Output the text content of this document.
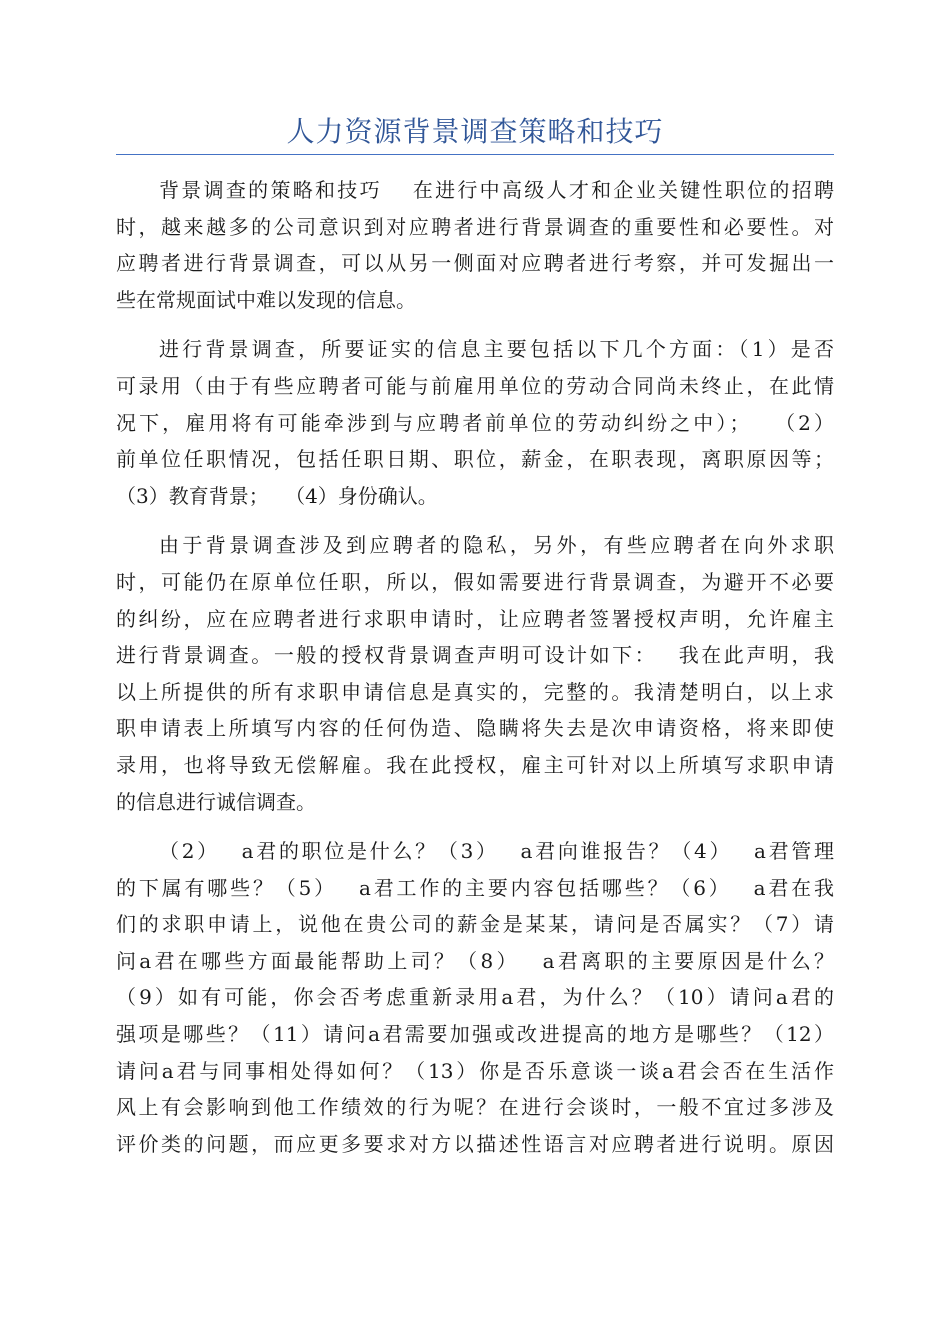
人力资源背景调查策略和技巧

背景调查的策略和技巧　 在进行中高级人才和企业关键性职位的招聘
时，越来越多的公司意识到对应聘者进行背景调查的重要性和必要性。对
应聘者进行背景调查，可以从另一侧面对应聘者进行考察，并可发掘出一
些在常规面试中难以发现的信息。

进行背景调查，所要证实的信息主要包括以下几个方面：（1）是否
可录用（由于有些应聘者可能与前雇用单位的劳动合同尚未终止，在此情
况下，雇用将有可能牵涉到与应聘者前单位的劳动纠纷之中）；　 （2）
前单位任职情况，包括任职日期、职位，薪金，在职表现，离职原因等；
（3）教育背景；　 （4）身份确认。

由于背景调查涉及到应聘者的隐私，另外，有些应聘者在向外求职
时，可能仍在原单位任职，所以，假如需要进行背景调查，为避开不必要
的纠纷，应在应聘者进行求职申请时，让应聘者签署授权声明，允许雇主
进行背景调查。一般的授权背景调查声明可设计如下：　 我在此声明，我
以上所提供的所有求职申请信息是真实的，完整的。我清楚明白，以上求
职申请表上所填写内容的任何伪造、隐瞒将失去是次申请资格，将来即使
录用，也将导致无偿解雇。我在此授权，雇主可针对以上所填写求职申请
的信息进行诚信调查。

（2）　 a君的职位是什么？（3）　 a君向谁报告？（4）　 a君管理
的下属有哪些？（5）　 a君工作的主要内容包括哪些？（6）　 a君在我
们的求职申请上，说他在贵公司的薪金是某某，请问是否属实？（7）请
问a君在哪些方面最能帮助上司？（8）　 a君离职的主要原因是什么？
（9）如有可能，你会否考虑重新录用a君，为什么？（10）请问a君的
强项是哪些？（11）请问a君需要加强或改进提高的地方是哪些？（12）
请问a君与同事相处得如何？（13）你是否乐意谈一谈a君会否在生活作
风上有会影响到他工作绩效的行为呢？在进行会谈时，一般不宜过多涉及
评价类的问题，而应更多要求对方以描述性语言对应聘者进行说明。原因
